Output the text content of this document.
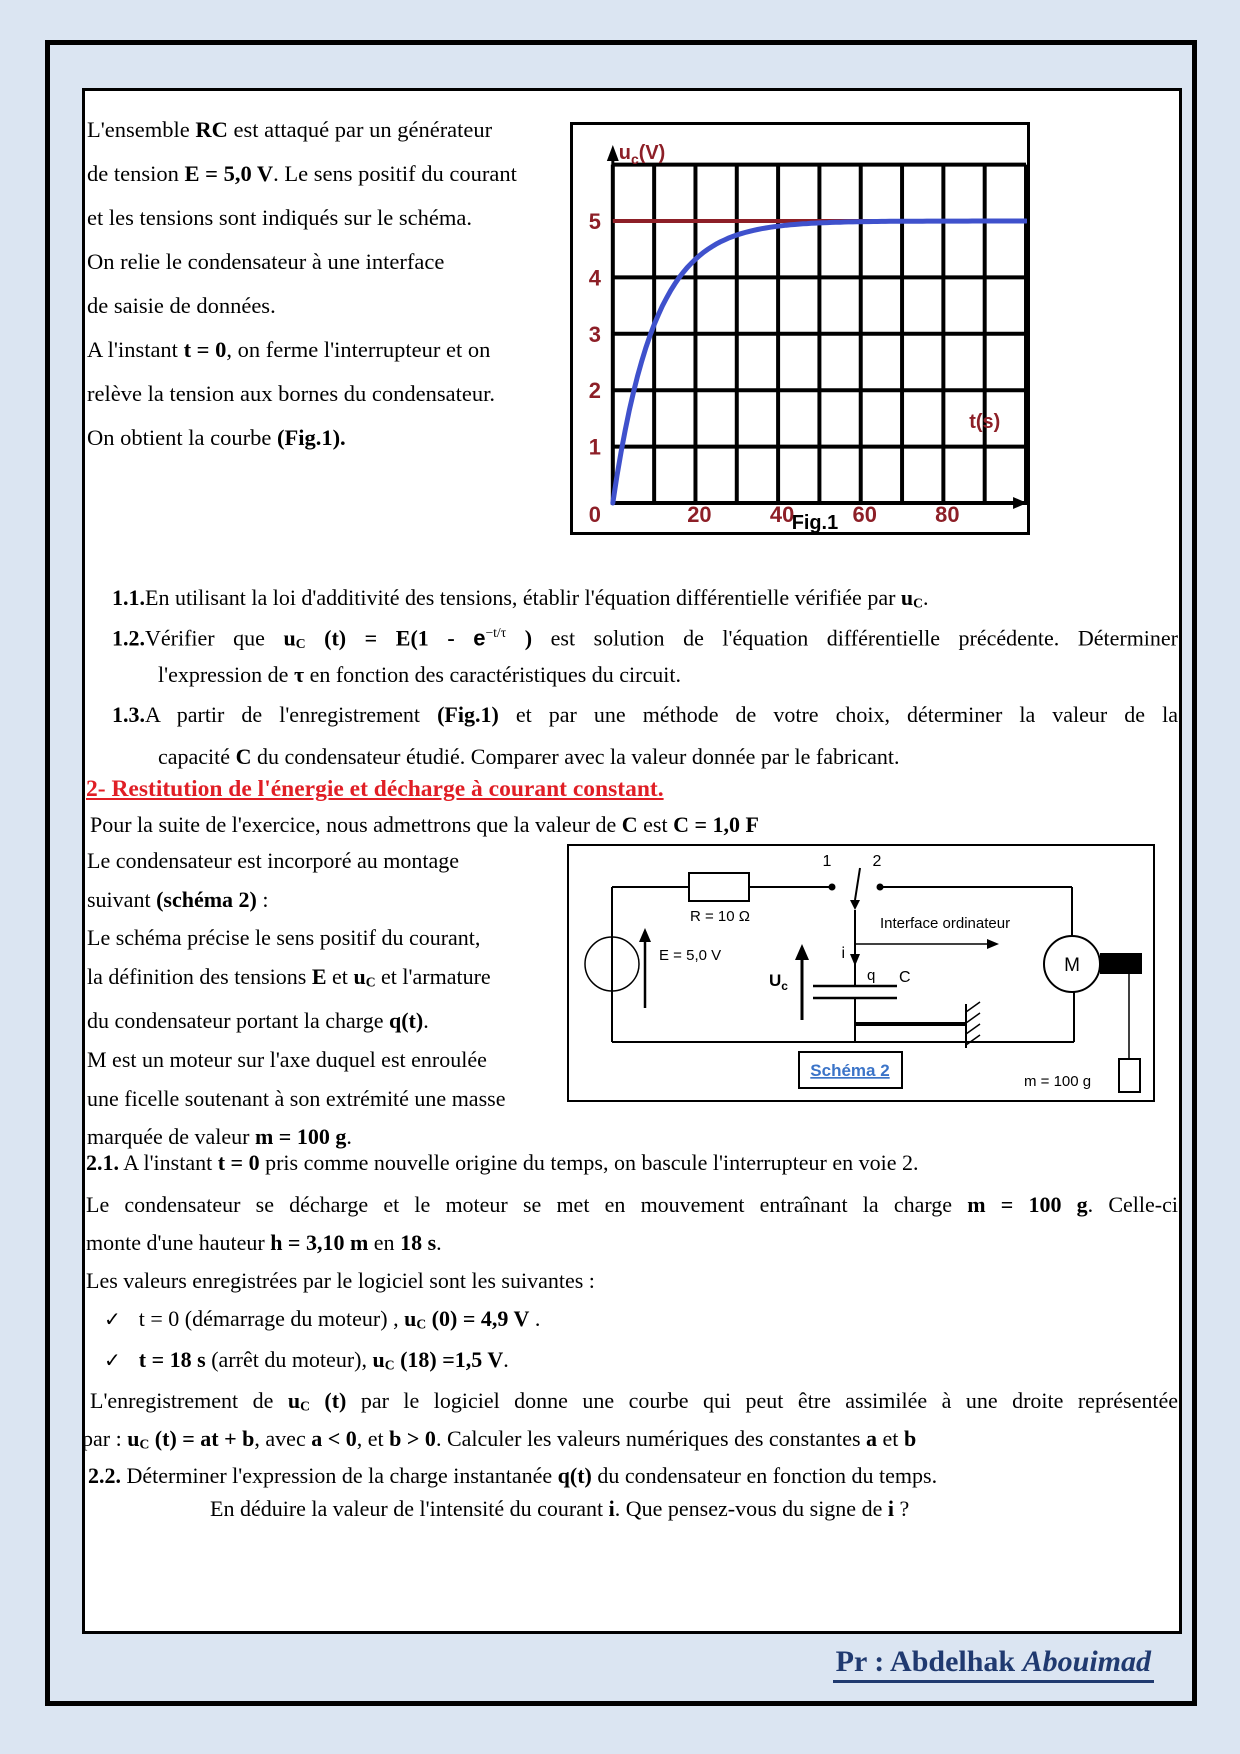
L'ensemble RC est attaqué par un générateur
de tension E = 5,0 V. Le sens positif du courant
et les tensions sont indiqués sur le schéma.
On relie le condensateur à une interface
de saisie de données.
A l'instant t = 0, on ferme l'interrupteur et on
relève la tension aux bornes du condensateur.
On obtient la courbe (Fig.1).	1
2
3
4
5
20	40	60	80
$u_c(V)$
t(s)
0	Fig.1
1.1.En utilisant la loi d'additivité des tensions, établir l'équation différentielle vérifiée par uC.
1.2.Vérifier que uC $(t) = E(1 - e^{-t/\tau}$ ) est solution de l'équation différentielle précédente. Déterminer
l'expression de τ en fonction des caractéristiques du circuit.
1.3.A partir de l'enregistrement (Fig.1) et par une méthode de votre choix, déterminer la valeur de la
capacité C du condensateur étudié. Comparer avec la valeur donnée par le fabricant.
2- Restitution de l'énergie et décharge à courant constant.
Pour la suite de l'exercice, nous admettrons que la valeur de C est C = 1,0 F
Le condensateur est incorporé au montage
suivant (schéma 2) :
Le schéma précise le sens positif du courant,
la définition des tensions E et uC et l'armature
du condensateur portant la charge q(t).
M est un moteur sur l'axe duquel est enroulée
une ficelle soutenant à son extrémité une masse
marquée de valeur m = 100 g.
R = 10 Ω
E = 5,0 V
1	2
Interface ordinateur
i
q C
$U_c$
M
m = 100 g
Schéma 2
2.1. A l'instant t = 0 pris comme nouvelle origine du temps, on bascule l'interrupteur en voie 2.
Le condensateur se décharge et le moteur se met en mouvement entraînant la charge m = 100 g. Celle-ci
monte d'une hauteur h = 3,10 m en 18 s.
Les valeurs enregistrées par le logiciel sont les suivantes :
✓ t = 0 (démarrage du moteur) , uC (0) = 4,9 V .
✓ t = 18 s (arrêt du moteur), uC (18) =1,5 V.
L'enregistrement de uC (t) par le logiciel donne une courbe qui peut être assimilée à une droite représentée
par : uC (t) = at + b, avec a < 0, et b > 0. Calculer les valeurs numériques des constantes a et b
2.2. Déterminer l'expression de la charge instantanée q(t) du condensateur en fonction du temps.
En déduire la valeur de l'intensité du courant i. Que pensez-vous du signe de i ?
Pr : Abdelhak Abouimad
